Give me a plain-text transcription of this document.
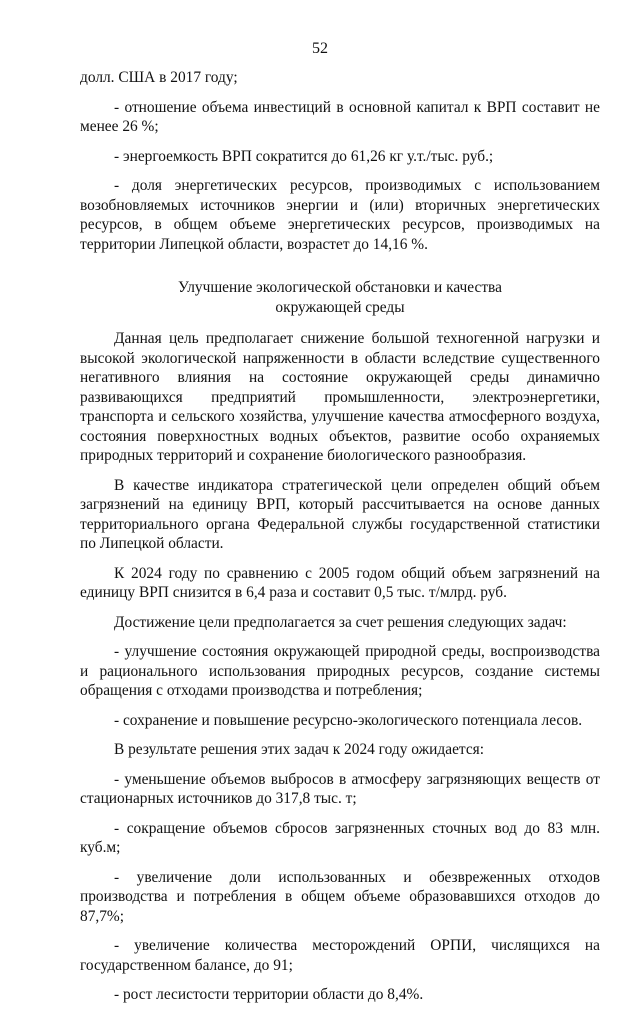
52

долл. США в 2017 году;

- отношение объема инвестиций в основной капитал к ВРП составит не менее 26 %;

- энергоемкость ВРП сократится до 61,26 кг у.т./тыс. руб.;

- доля энергетических ресурсов, производимых с использованием возобновляемых источников энергии и (или) вторичных энергетических ресурсов, в общем объеме энергетических ресурсов, производимых на территории Липецкой области, возрастет до 14,16 %.

Улучшение экологической обстановки и качества
окружающей среды

Данная цель предполагает снижение большой техногенной нагрузки и высокой экологической напряженности в области вследствие существенного негативного влияния на состояние окружающей среды динамично развивающихся предприятий промышленности, электроэнергетики, транспорта и сельского хозяйства, улучшение качества атмосферного воздуха, состояния поверхностных водных объектов, развитие особо охраняемых природных территорий и сохранение биологического разнообразия.

В качестве индикатора стратегической цели определен общий объем загрязнений на единицу ВРП, который рассчитывается на основе данных территориального органа Федеральной службы государственной статистики по Липецкой области.

К 2024 году по сравнению с 2005 годом общий объем загрязнений на единицу ВРП снизится в 6,4 раза и составит 0,5 тыс. т/млрд. руб.

Достижение цели предполагается за счет решения следующих задач:

- улучшение состояния окружающей природной среды, воспроизводства и рационального использования природных ресурсов, создание системы обращения с отходами производства и потребления;

- сохранение и повышение ресурсно-экологического потенциала лесов.

В результате решения этих задач к 2024 году ожидается:

- уменьшение объемов выбросов в атмосферу загрязняющих веществ от стационарных источников до 317,8 тыс. т;

- сокращение объемов сбросов загрязненных сточных вод до 83 млн. куб.м;

- увеличение доли использованных и обезвреженных отходов производства и потребления в общем объеме образовавшихся отходов до 87,7%;

- увеличение количества месторождений ОРПИ, числящихся на государственном балансе, до 91;

- рост лесистости территории области до 8,4%.
